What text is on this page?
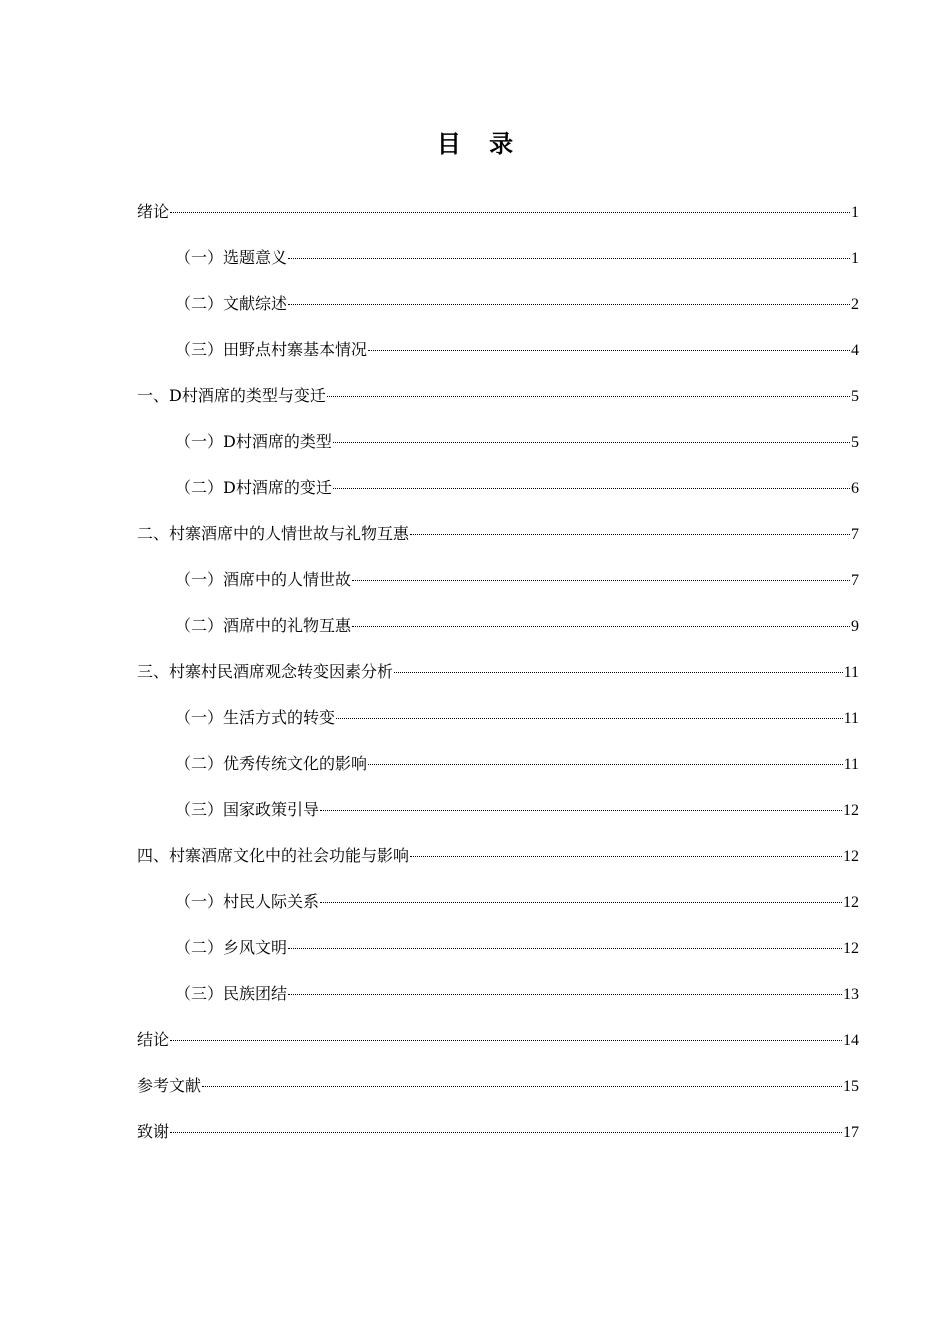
目 录
绪论	1
（一）选题意义	1
（二）文献综述	2
（三）田野点村寨基本情况	4
一、D村酒席的类型与变迁	5
（一）D村酒席的类型	5
（二）D村酒席的变迁	6
二、村寨酒席中的人情世故与礼物互惠	7
（一）酒席中的人情世故	7
（二）酒席中的礼物互惠	9
三、村寨村民酒席观念转变因素分析	11
（一）生活方式的转变	11
（二）优秀传统文化的影响	11
（三）国家政策引导	12
四、村寨酒席文化中的社会功能与影响	12
（一）村民人际关系	12
（二）乡风文明	12
（三）民族团结	13
结论	14
参考文献	15
致谢	17
